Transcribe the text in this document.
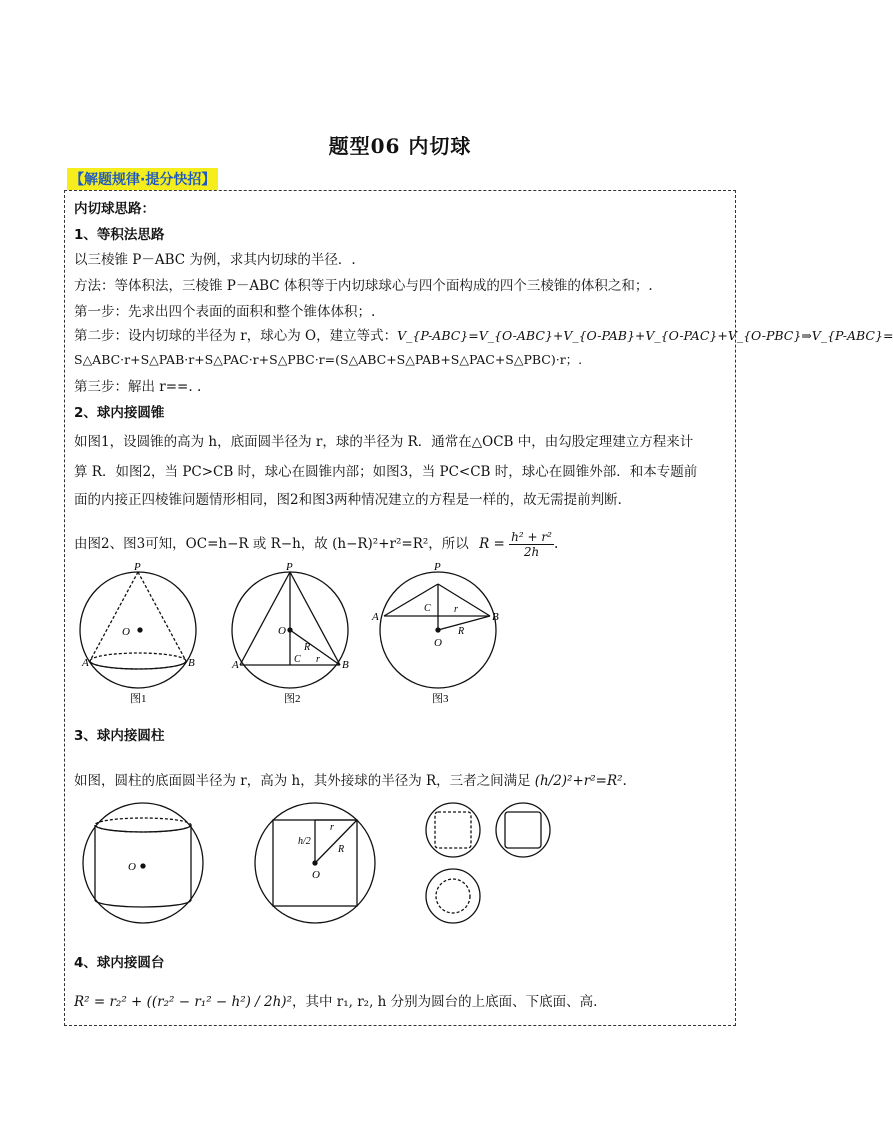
题型06 内切球
【解题规律·提分快招】
内切球思路：
1、等积法思路
以三棱锥 P－ABC 为例，求其内切球的半径．.
方法：等体积法，三棱锥 P－ABC 体积等于内切球球心与四个面构成的四个三棱锥的体积之和；.
第一步：先求出四个表面的面积和整个锥体体积；.
第二步：设内切球的半径为 r，球心为 O，建立等式：V_{P-ABC}=V_{O-ABC}+V_{O-PAB}+V_{O-PAC}+V_{O-PBC}⇒V_{P-ABC}=
S△ABC·r+S△PAB·r+S△PAC·r+S△PBC·r=(S△ABC+S△PAB+S△PAC+S△PBC)·r；.
第三步：解出 r==. .
2、球内接圆锥
如图1，设圆锥的高为 h，底面圆半径为 r，球的半径为 R．通常在△OCB 中，由勾股定理建立方程来计
算 R．如图2，当 PC>CB 时，球心在圆锥内部；如图3，当 PC<CB 时，球心在圆锥外部．和本专题前
面的内接正四棱锥问题情形相同，图2和图3两种情况建立的方程是一样的，故无需提前判断．
由图2、图3可知，OC=h−R 或 R−h，故 (h−R)²+r²=R²，所以 $R = \frac{\text{h² + r²}}{2h}$ .
P
O
A	B
图1
P
O
R
C r
A	B
图2
P
C r
R
O
A	B
图3
3、球内接圆柱
如图，圆柱的底面圆半径为 r，高为 h，其外接球的半径为 R，三者之间满足 (h/2)²+r²=R².
O
h/2
r
R
O
4、球内接圆台
R² = r₂² + ((r₂² − r₁² − h²) / 2h)²，其中 r₁, r₂, h 分别为圆台的上底面、下底面、高.
